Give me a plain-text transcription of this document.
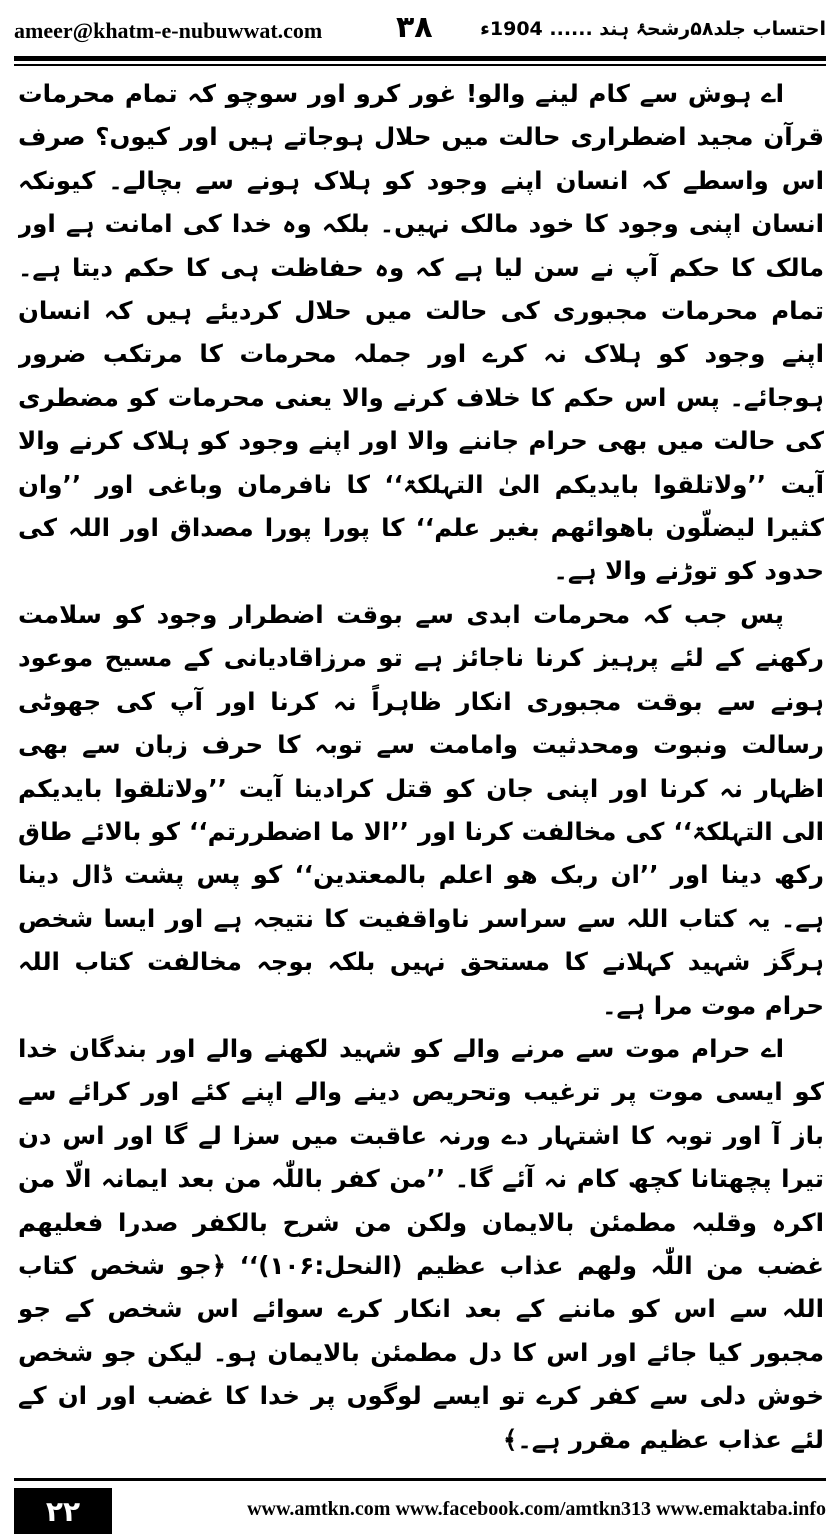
ameer@khatm-e-nubuwwat.com ۳۸	احتساب جلد۵۸رشحۂ ہند ...... 1904ء

اے ہوش سے کام لینے والو! غور کرو اور سوچو کہ تمام محرمات قرآن مجید اضطراری حالت میں حلال ہوجاتے ہیں اور کیوں؟ صرف اس واسطے کہ انسان اپنے وجود کو ہلاک ہونے سے بچالے۔ کیونکہ انسان اپنی وجود کا خود مالک نہیں۔ بلکہ وہ خدا کی امانت ہے اور مالک کا حکم آپ نے سن لیا ہے کہ وہ حفاظت ہی کا حکم دیتا ہے۔ تمام محرمات مجبوری کی حالت میں حلال کردیئے ہیں کہ انسان اپنے وجود کو ہلاک نہ کرے اور جملہ محرمات کا مرتکب ضرور ہوجائے۔ پس اس حکم کا خلاف کرنے والا یعنی محرمات کو مضطری کی حالت میں بھی حرام جاننے والا اور اپنے وجود کو ہلاک کرنے والا آیت ’’ولاتلقوا بایدیکم الیٰ التہلکۃ‘‘ کا نافرمان وباغی اور ’’وان کثیرا لیضلّون باھوائھم بغیر علم‘‘ کا پورا پورا مصداق اور اللہ کی حدود کو توڑنے والا ہے۔

پس جب کہ محرمات ابدی سے بوقت اضطرار وجود کو سلامت رکھنے کے لئے پرہیز کرنا ناجائز ہے تو مرزاقادیانی کے مسیح موعود ہونے سے بوقت مجبوری انکار ظاہراً نہ کرنا اور آپ کی جھوٹی رسالت ونبوت ومحدثیت وامامت سے توبہ کا حرف زبان سے بھی اظہار نہ کرنا اور اپنی جان کو قتل کرادینا آیت ’’ولاتلقوا بایدیکم الی التہلکۃ‘‘ کی مخالفت کرنا اور ’’الا ما اضطررتم‘‘ کو بالائے طاق رکھ دینا اور ’’ان ربک ھو اعلم بالمعتدین‘‘ کو پس پشت ڈال دینا ہے۔ یہ کتاب اللہ سے سراسر ناواقفیت کا نتیجہ ہے اور ایسا شخص ہرگز شہید کہلانے کا مستحق نہیں بلکہ بوجہ مخالفت کتاب اللہ حرام موت مرا ہے۔

اے حرام موت سے مرنے والے کو شہید لکھنے والے اور بندگان خدا کو ایسی موت پر ترغیب وتحریص دینے والے اپنے کئے اور کرائے سے باز آ اور توبہ کا اشتہار دے ورنہ عاقبت میں سزا لے گا اور اس دن تیرا پچھتانا کچھ کام نہ آئے گا۔ ’’من کفر باللّٰہ من بعد ایمانہ الّا من اکرہ وقلبہ مطمئن بالایمان ولکن من شرح بالکفر صدرا فعلیھم غضب من اللّٰہ ولھم عذاب عظیم (النحل:۱۰۶)‘‘ ﴿جو شخص کتاب اللہ سے اس کو ماننے کے بعد انکار کرے سوائے اس شخص کے جو مجبور کیا جائے اور اس کا دل مطمئن بالایمان ہو۔ لیکن جو شخص خوش دلی سے کفر کرے تو ایسے لوگوں پر خدا کا غضب اور ان کے لئے عذاب عظیم مقرر ہے۔﴾

۲۲	www.amtkn.com www.facebook.com/amtkn313 www.emaktaba.info
